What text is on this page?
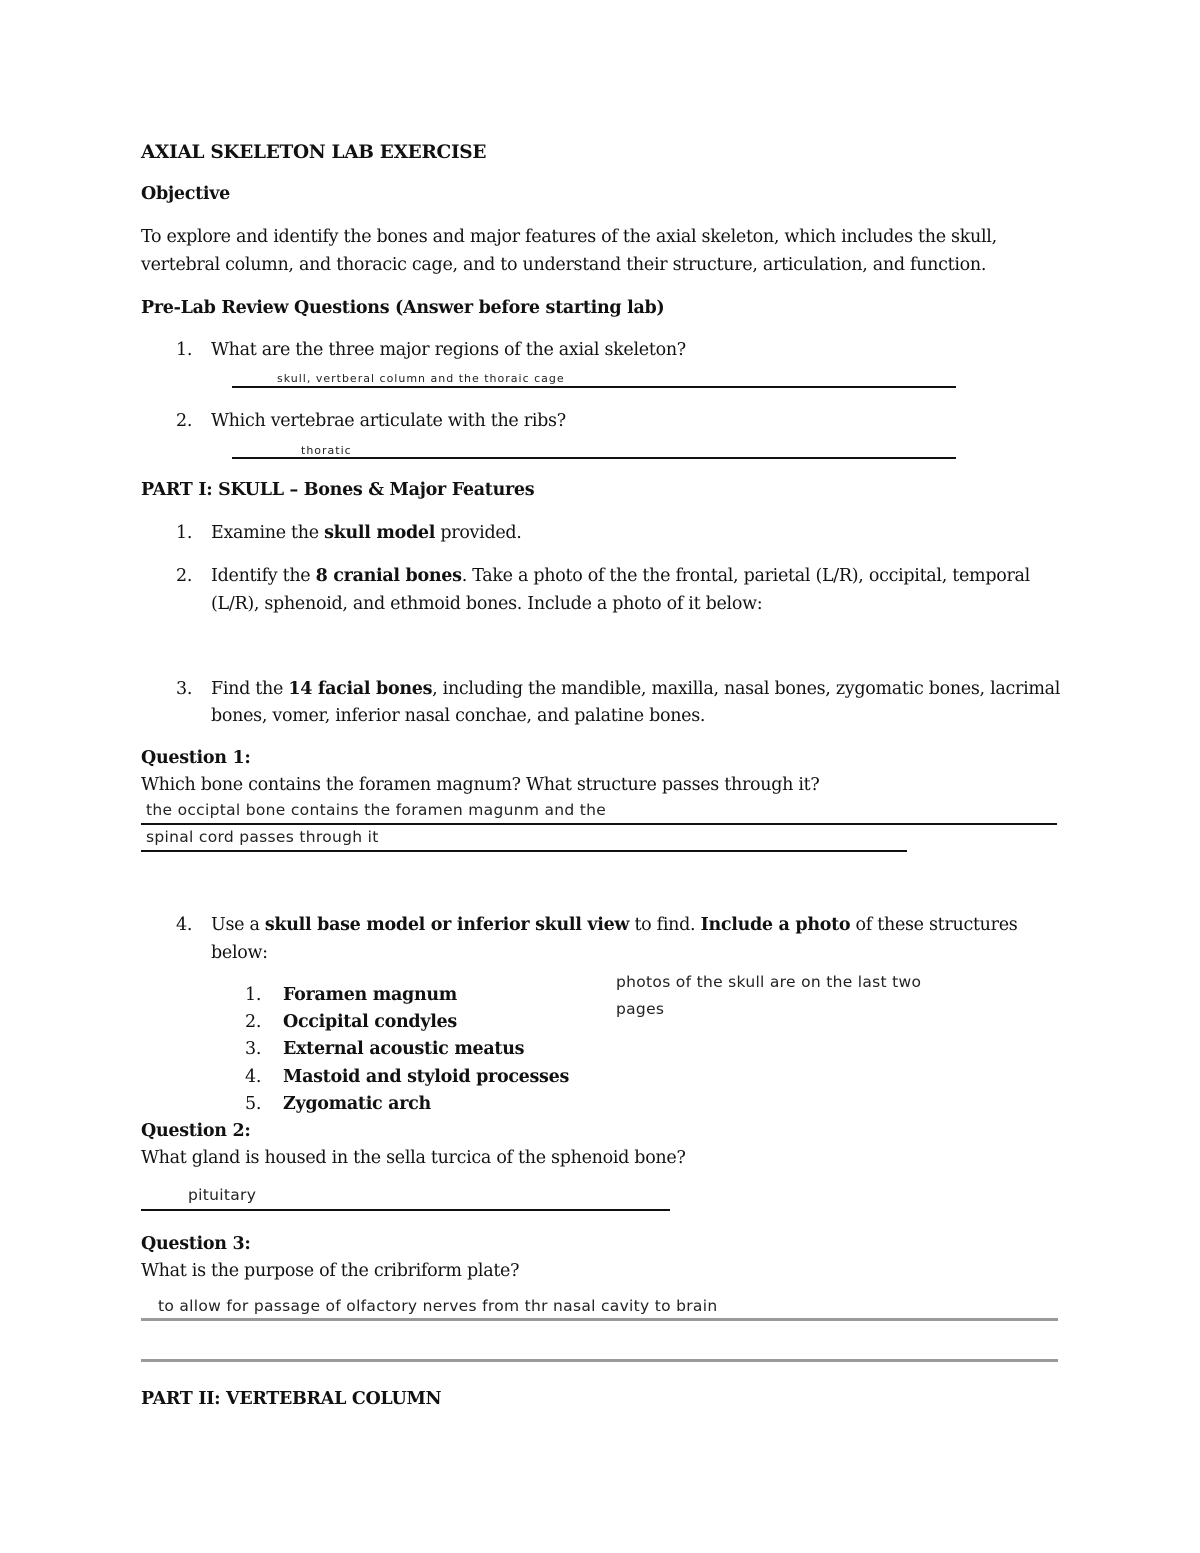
AXIAL SKELETON LAB EXERCISE
Objective
To explore and identify the bones and major features of the axial skeleton, which includes the skull,
vertebral column, and thoracic cage, and to understand their structure, articulation, and function.
Pre-Lab Review Questions (Answer before starting lab)
1. What are the three major regions of the axial skeleton?
skull, vertberal column and the thoraic cage
2. Which vertebrae articulate with the ribs?
thoratic
PART I: SKULL – Bones & Major Features
1. Examine the skull model provided.
2. Identify the 8 cranial bones. Take a photo of the the frontal, parietal (L/R), occipital, temporal
(L/R), sphenoid, and ethmoid bones. Include a photo of it below:
3. Find the 14 facial bones, including the mandible, maxilla, nasal bones, zygomatic bones, lacrimal
bones, vomer, inferior nasal conchae, and palatine bones.
Question 1:
Which bone contains the foramen magnum? What structure passes through it?
the occiptal bone contains the foramen magunm and the
spinal cord passes through it
4. Use a skull base model or inferior skull view to find. Include a photo of these structures
below:
photos of the skull are on the last two
pages
1. Foramen magnum
2. Occipital condyles
3. External acoustic meatus
4. Mastoid and styloid processes
5. Zygomatic arch
Question 2:
What gland is housed in the sella turcica of the sphenoid bone?
pituitary
Question 3:
What is the purpose of the cribriform plate?
to allow for passage of olfactory nerves from thr nasal cavity to brain
PART II: VERTEBRAL COLUMN
